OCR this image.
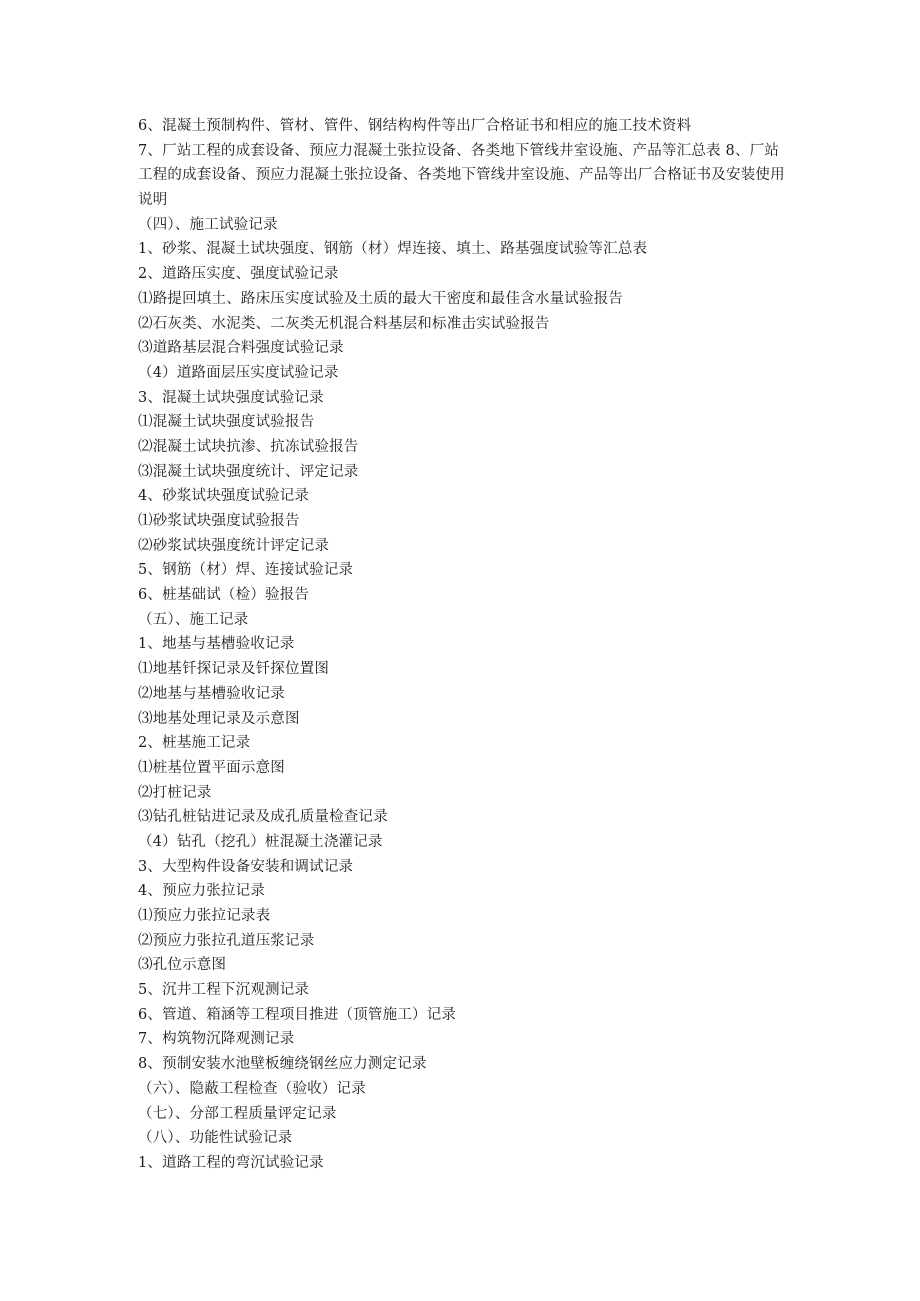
6、混凝土预制构件、管材、管件、钢结构构件等出厂合格证书和相应的施工技术资料
7、厂站工程的成套设备、预应力混凝土张拉设备、各类地下管线井室设施、产品等汇总表 8、厂站工程的成套设备、预应力混凝土张拉设备、各类地下管线井室设施、产品等出厂合格证书及安装使用说明
（四）、施工试验记录
1、砂浆、混凝土试块强度、钢筋（材）焊连接、填土、路基强度试验等汇总表
2、道路压实度、强度试验记录
⑴路提回填土、路床压实度试验及土质的最大干密度和最佳含水量试验报告
⑵石灰类、水泥类、二灰类无机混合料基层和标准击实试验报告
⑶道路基层混合料强度试验记录
（4）道路面层压实度试验记录
3、混凝土试块强度试验记录
⑴混凝土试块强度试验报告
⑵混凝土试块抗渗、抗冻试验报告
⑶混凝土试块强度统计、评定记录
4、砂浆试块强度试验记录
⑴砂浆试块强度试验报告
⑵砂浆试块强度统计评定记录
5、钢筋（材）焊、连接试验记录
6、桩基础试（检）验报告
（五）、施工记录
1、地基与基槽验收记录
⑴地基钎探记录及钎探位置图
⑵地基与基槽验收记录
⑶地基处理记录及示意图
2、桩基施工记录
⑴桩基位置平面示意图
⑵打桩记录
⑶钻孔桩钻进记录及成孔质量检查记录
（4）钻孔（挖孔）桩混凝土浇灌记录
3、大型构件设备安装和调试记录
4、预应力张拉记录
⑴预应力张拉记录表
⑵预应力张拉孔道压浆记录
⑶孔位示意图
5、沉井工程下沉观测记录
6、管道、箱涵等工程项目推进（顶管施工）记录
7、构筑物沉降观测记录
8、预制安装水池壁板缠绕钢丝应力测定记录
（六）、隐蔽工程检查（验收）记录
（七）、分部工程质量评定记录
（八）、功能性试验记录
1、道路工程的弯沉试验记录
